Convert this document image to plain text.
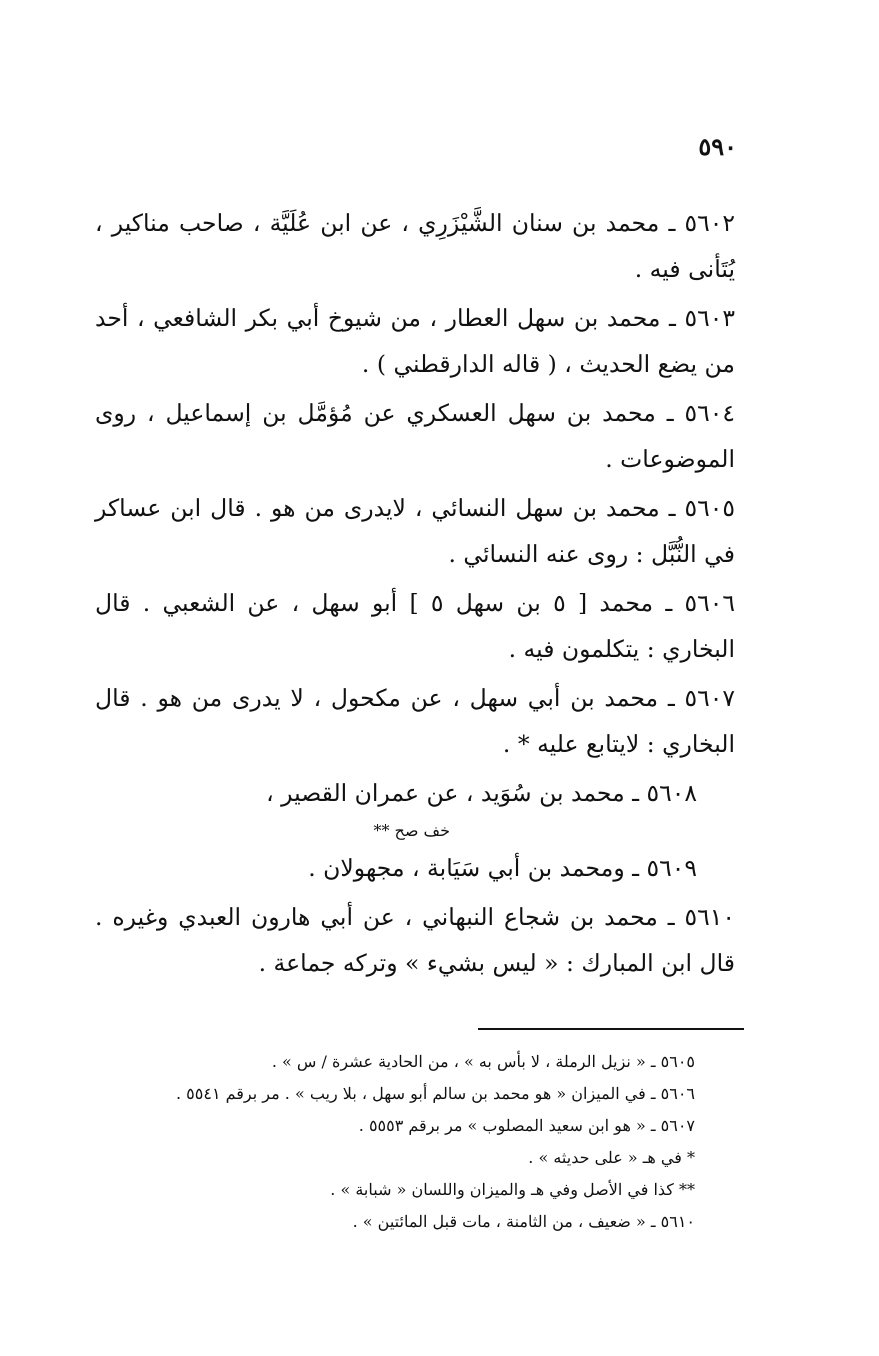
٥٩٠

٥٦٠٢ ـ محمد بن سنان الشَّيْزَرِي ، عن ابن عُلَيَّة ، صاحب مناكير ، يُتَأنى فيه .

٥٦٠٣ ـ محمد بن سهل العطار ، من شيوخ أبي بكر الشافعي ، أحد من يضع الحديث ، ( قاله الدارقطني ) .

٥٦٠٤ ـ محمد بن سهل العسكري عن مُؤمَّل بن إسماعيل ، روى الموضوعات .

٥٦٠٥ ـ محمد بن سهل النسائي ، لايدرى من هو . قال ابن عساكر في النُّبَّل : روى عنه النسائي .

٥٦٠٦ ـ محمد [ ٥ بن سهل ٥ ] أبو سهل ، عن الشعبي . قال البخاري : يتكلمون فيه .

٥٦٠٧ ـ محمد بن أبي سهل ، عن مكحول ، لا يدرى من هو . قال البخاري : لايتابع عليه * .

٥٦٠٨ ـ محمد بن سُوَيد ، عن عمران القصير ،

خف صح **

٥٦٠٩ ـ ومحمد بن أبي سَيَابة ، مجهولان .

٥٦١٠ ـ محمد بن شجاع النبهاني ، عن أبي هارون العبدي وغيره . قال ابن المبارك : « ليس بشيء » وتركه جماعة .

٥٦٠٥ ـ « نزيل الرملة ، لا بأس به » ، من الحادية عشرة / س » .

٥٦٠٦ ـ في الميزان « هو محمد بن سالم أبو سهل ، بلا ريب » . مر برقم ٥٥٤١ .

٥٦٠٧ ـ « هو ابن سعيد المصلوب » مر برقم ٥٥٥٣ .

* في هـ « على حديثه » .

** كذا في الأصل وفي هـ والميزان واللسان « شبابة » .

٥٦١٠ ـ « ضعيف ، من الثامنة ، مات قبل المائتين » .
